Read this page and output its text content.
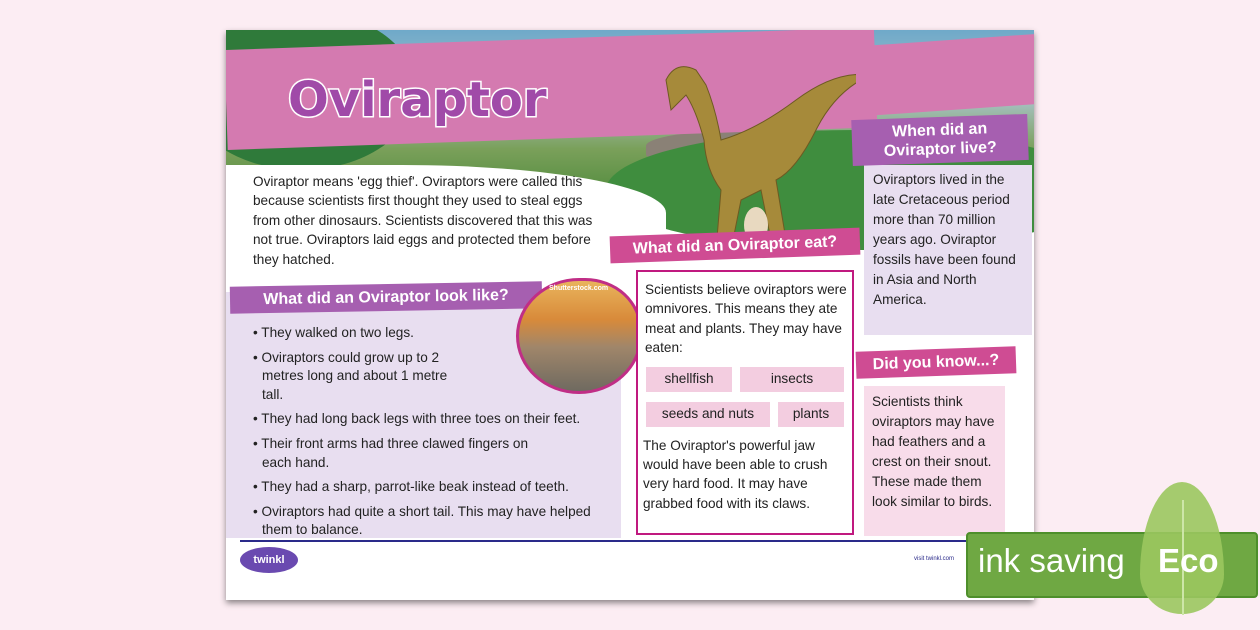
Oviraptor
Oviraptor means 'egg thief'. Oviraptors were called this because scientists first thought they used to steal eggs from other dinosaurs. Scientists discovered that this was not true. Oviraptors laid eggs and protected them before they hatched.
What did an Oviraptor look like?
• They walked on two legs.
• Oviraptors could grow up to 2 metres long and about 1 metre tall.
• They had long back legs with three toes on their feet.
• Their front arms had three clawed fingers on each hand.
• They had a sharp, parrot-like beak instead of teeth.
• Oviraptors had quite a short tail. This may have helped them to balance.
Shutterstock.com
What did an Oviraptor eat?
Scientists believe oviraptors were omnivores. This means they ate meat and plants. They may have eaten:
shellfish	insects
seeds and nuts	plants
The Oviraptor's powerful jaw would have been able to crush very hard food. It may have grabbed food with its claws.
When did an Oviraptor live?
Oviraptors lived in the late Cretaceous period more than 70 million years ago. Oviraptor fossils have been found in Asia and North America.
Did you know...?
Scientists think oviraptors may have had feathers and a crest on their snout. These made them look similar to birds.
twinkl	visit twinkl.com ink saving Eco
